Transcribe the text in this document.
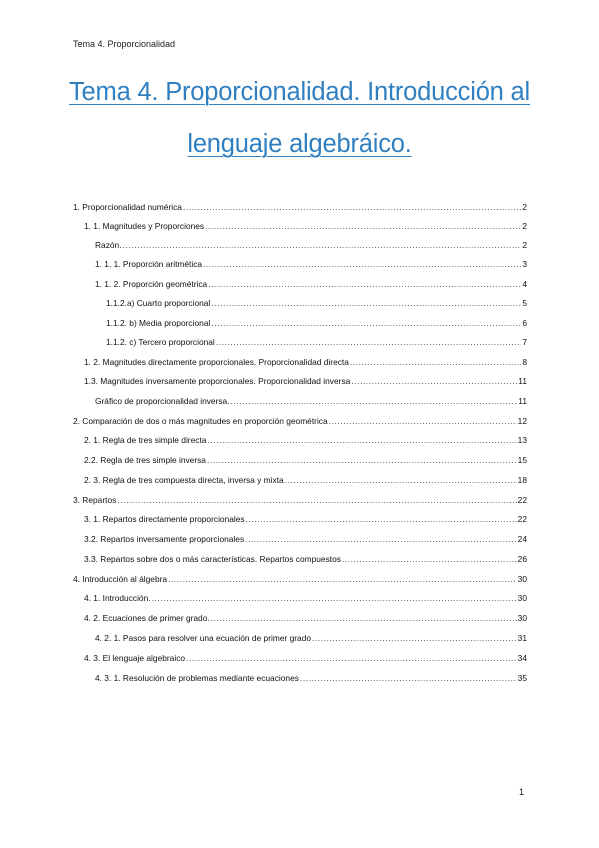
Tema 4. Proporcionalidad
Tema 4. Proporcionalidad. Introducción al
lenguaje algebráico.
1. Proporcionalidad numérica .....	2
1. 1. Magnitudes y Proporciones .....	2
Razón. .....	2
1. 1. 1. Proporción aritmética .....	3
1. 1. 2. Proporción geométrica .....	4
1.1.2.a) Cuarto proporcional .....	5
1.1.2. b) Media proporcional .....	6
1.1.2. c) Tercero proporcional .....	7
1. 2. Magnitudes directamente proporcionales. Proporcionalidad directa .....	8
1.3. Magnitudes inversamente proporcionales. Proporcionalidad inversa .....	11
Gráfico de proporcionalidad inversa. .....	11
2. Comparación de dos o más magnitudes en proporción geométrica .....	12
2. 1. Regla de tres simple directa .....	13
2.2. Regla de tres simple inversa .....	15
2. 3. Regla de tres compuesta directa, inversa y mixta .....	18
3. Repartos .....	22
3. 1. Repartos directamente proporcionales .....	22
3.2. Repartos inversamente proporcionales .....	24
3.3. Repartos sobre dos o más características. Repartos compuestos .....	26
4. Introducción al álgebra .....	30
4. 1. Introducción. .....	30
4. 2. Ecuaciones de primer grado. .....	30
4. 2. 1. Pasos para resolver una ecuación de primer grado .....	31
4. 3. El lenguaje algebraico .....	34
4. 3. 1. Resolución de problemas mediante ecuaciones .....	35
1
